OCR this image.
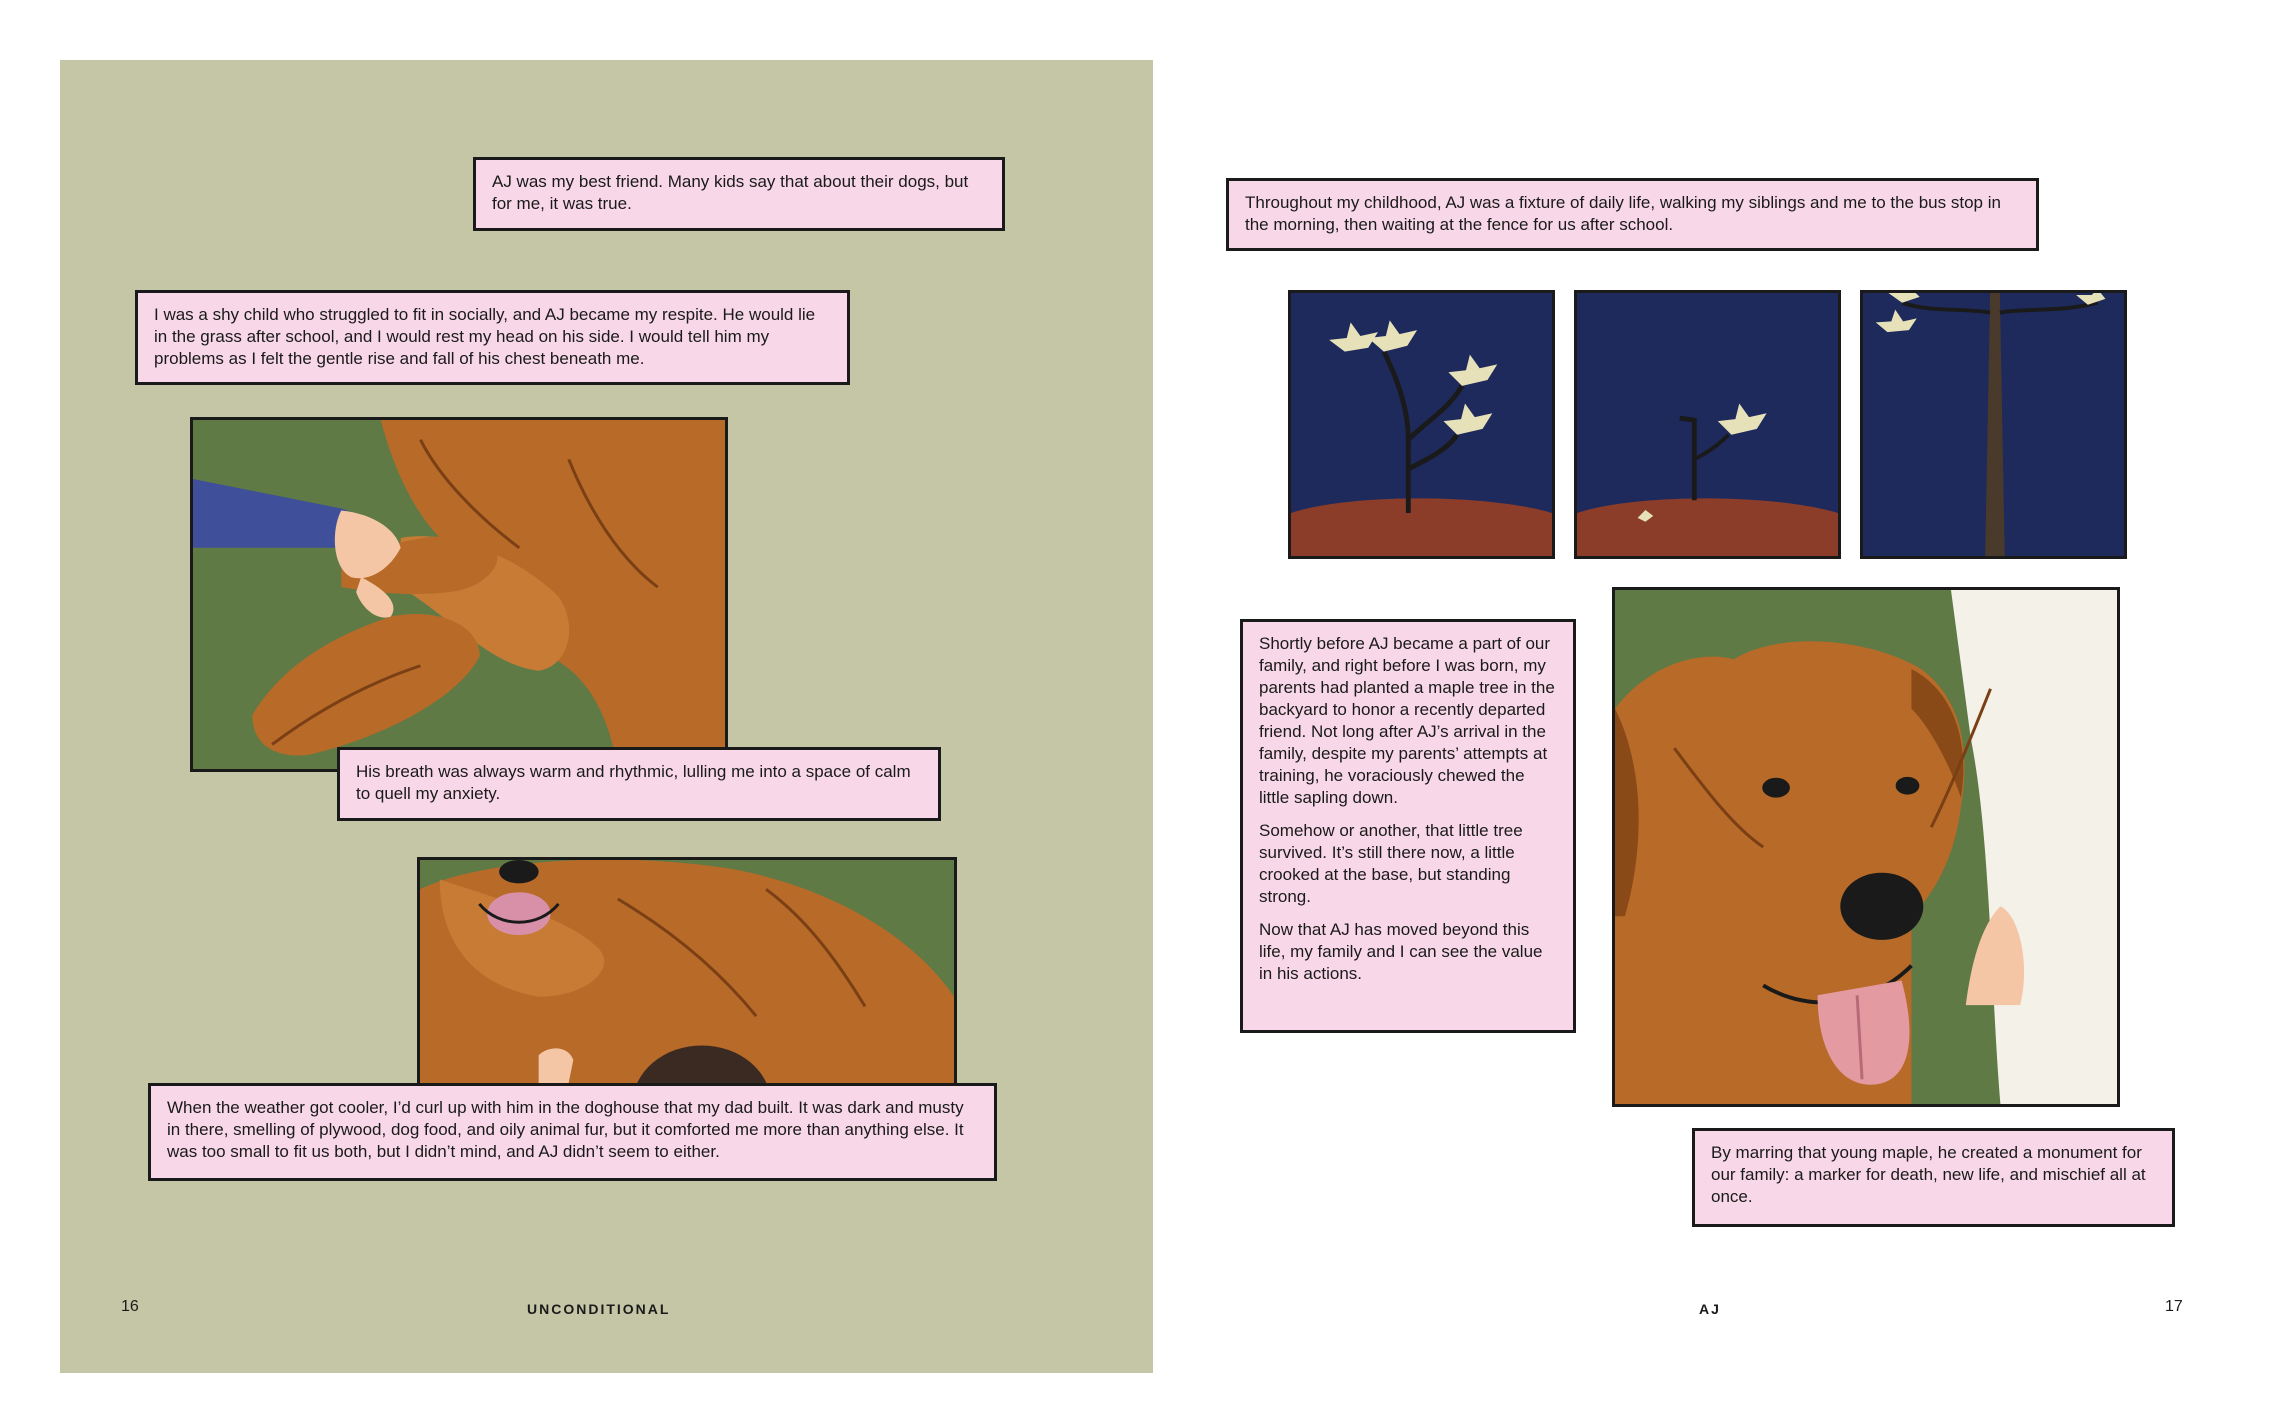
AJ was my best friend. Many kids say that about their dogs, but for me, it was true.

I was a shy child who struggled to fit in socially, and AJ became my respite. He would lie in the grass after school, and I would rest my head on his side. I would tell him my problems as I felt the gentle rise and fall of his chest beneath me.

His breath was always warm and rhythmic, lulling me into a space of calm to quell my anxiety.

When the weather got cooler, I’d curl up with him in the doghouse that my dad built. It was dark and musty in there, smelling of plywood, dog food, and oily animal fur, but it comforted me more than anything else. It was too small to fit us both, but I didn’t mind, and AJ didn’t seem to either.

16	UNCONDITIONAL

Throughout my childhood, AJ was a fixture of daily life, walking my siblings and me to the bus stop in the morning, then waiting at the fence for us after school.

Shortly before AJ became a part of our family, and right before I was born, my parents had planted a maple tree in the backyard to honor a recently departed friend. Not long after AJ’s arrival in the family, despite my parents’ attempts at training, he voraciously chewed the little sapling down.

Somehow or another, that little tree survived. It’s still there now, a little crooked at the base, but standing strong.

Now that AJ has moved beyond this life, my family and I can see the value in his actions.

By marring that young maple, he created a monument for our family: a marker for death, new life, and mischief all at once.

AJ	17
